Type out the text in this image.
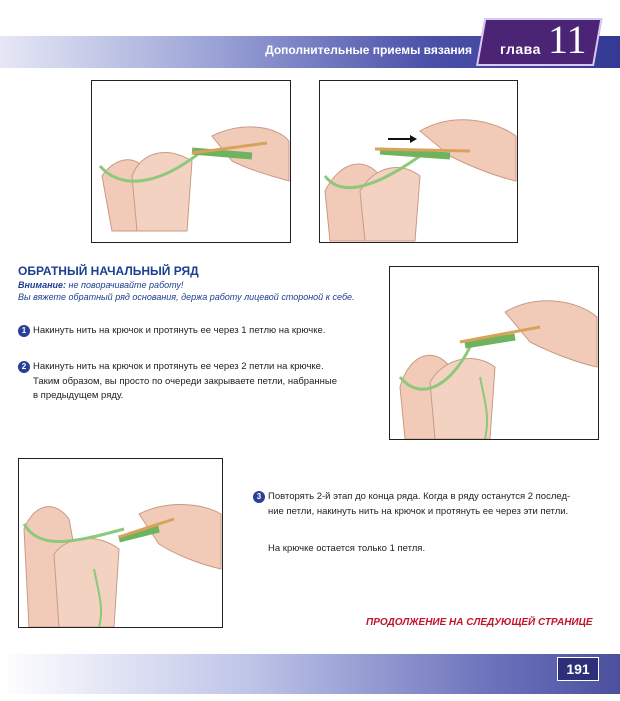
Дополнительные приемы вязания глава 11
ОБРАТНЫЙ НАЧАЛЬНЫЙ РЯД
Внимание: не поворачивайте работу!
Вы вяжете обратный ряд основания, держа работу лицевой стороной к себе.
1 Накинуть нить на крючок и протянуть ее через 1 петлю на крючке.
2 Накинуть нить на крючок и протянуть ее через 2 петли на крючке.
Таким образом, вы просто по очереди закрываете петли, набранные
в предыдущем ряду.
3 Повторять 2-й этап до конца ряда. Когда в ряду останутся 2 послед-
ние петли, накинуть нить на крючок и протянуть ее через эти петли.
На крючке остается только 1 петля.
ПРОДОЛЖЕНИЕ НА СЛЕДУЮЩЕЙ СТРАНИЦЕ
191
